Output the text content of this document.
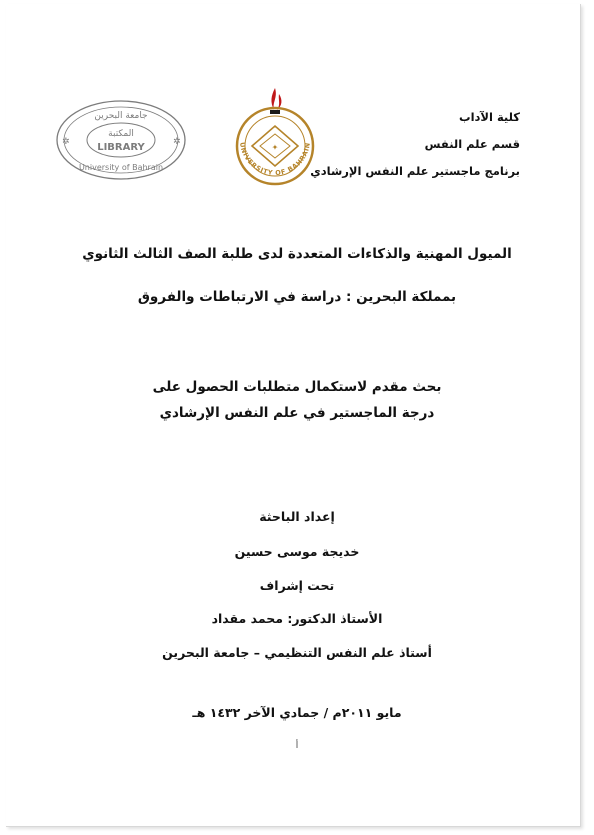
✲	✲
جامعة البحرين
المكتبة
LIBRARY
University of Bahrain
✦
UNIVERSITY OF BAHRAIN
كلية الآداب
قسم علم النفس
برنامج ماجستير علم النفس الإرشادي
الميول المهنية والذكاءات المتعددة لدى طلبة الصف الثالث الثانوي
بمملكة البحرين : دراسة في الارتباطات والفروق
بحث مقدم لاستكمال متطلبات الحصول على
درجة الماجستير في علم النفس الإرشادي
إعداد الباحثة
خديجة موسى حسين
تحت إشراف
الأستاذ الدكتور: محمد مقداد
أستاذ علم النفس التنظيمي – جامعة البحرين
مايو ٢٠١١م / جمادي الآخر ١٤٣٢ هـ
أ
